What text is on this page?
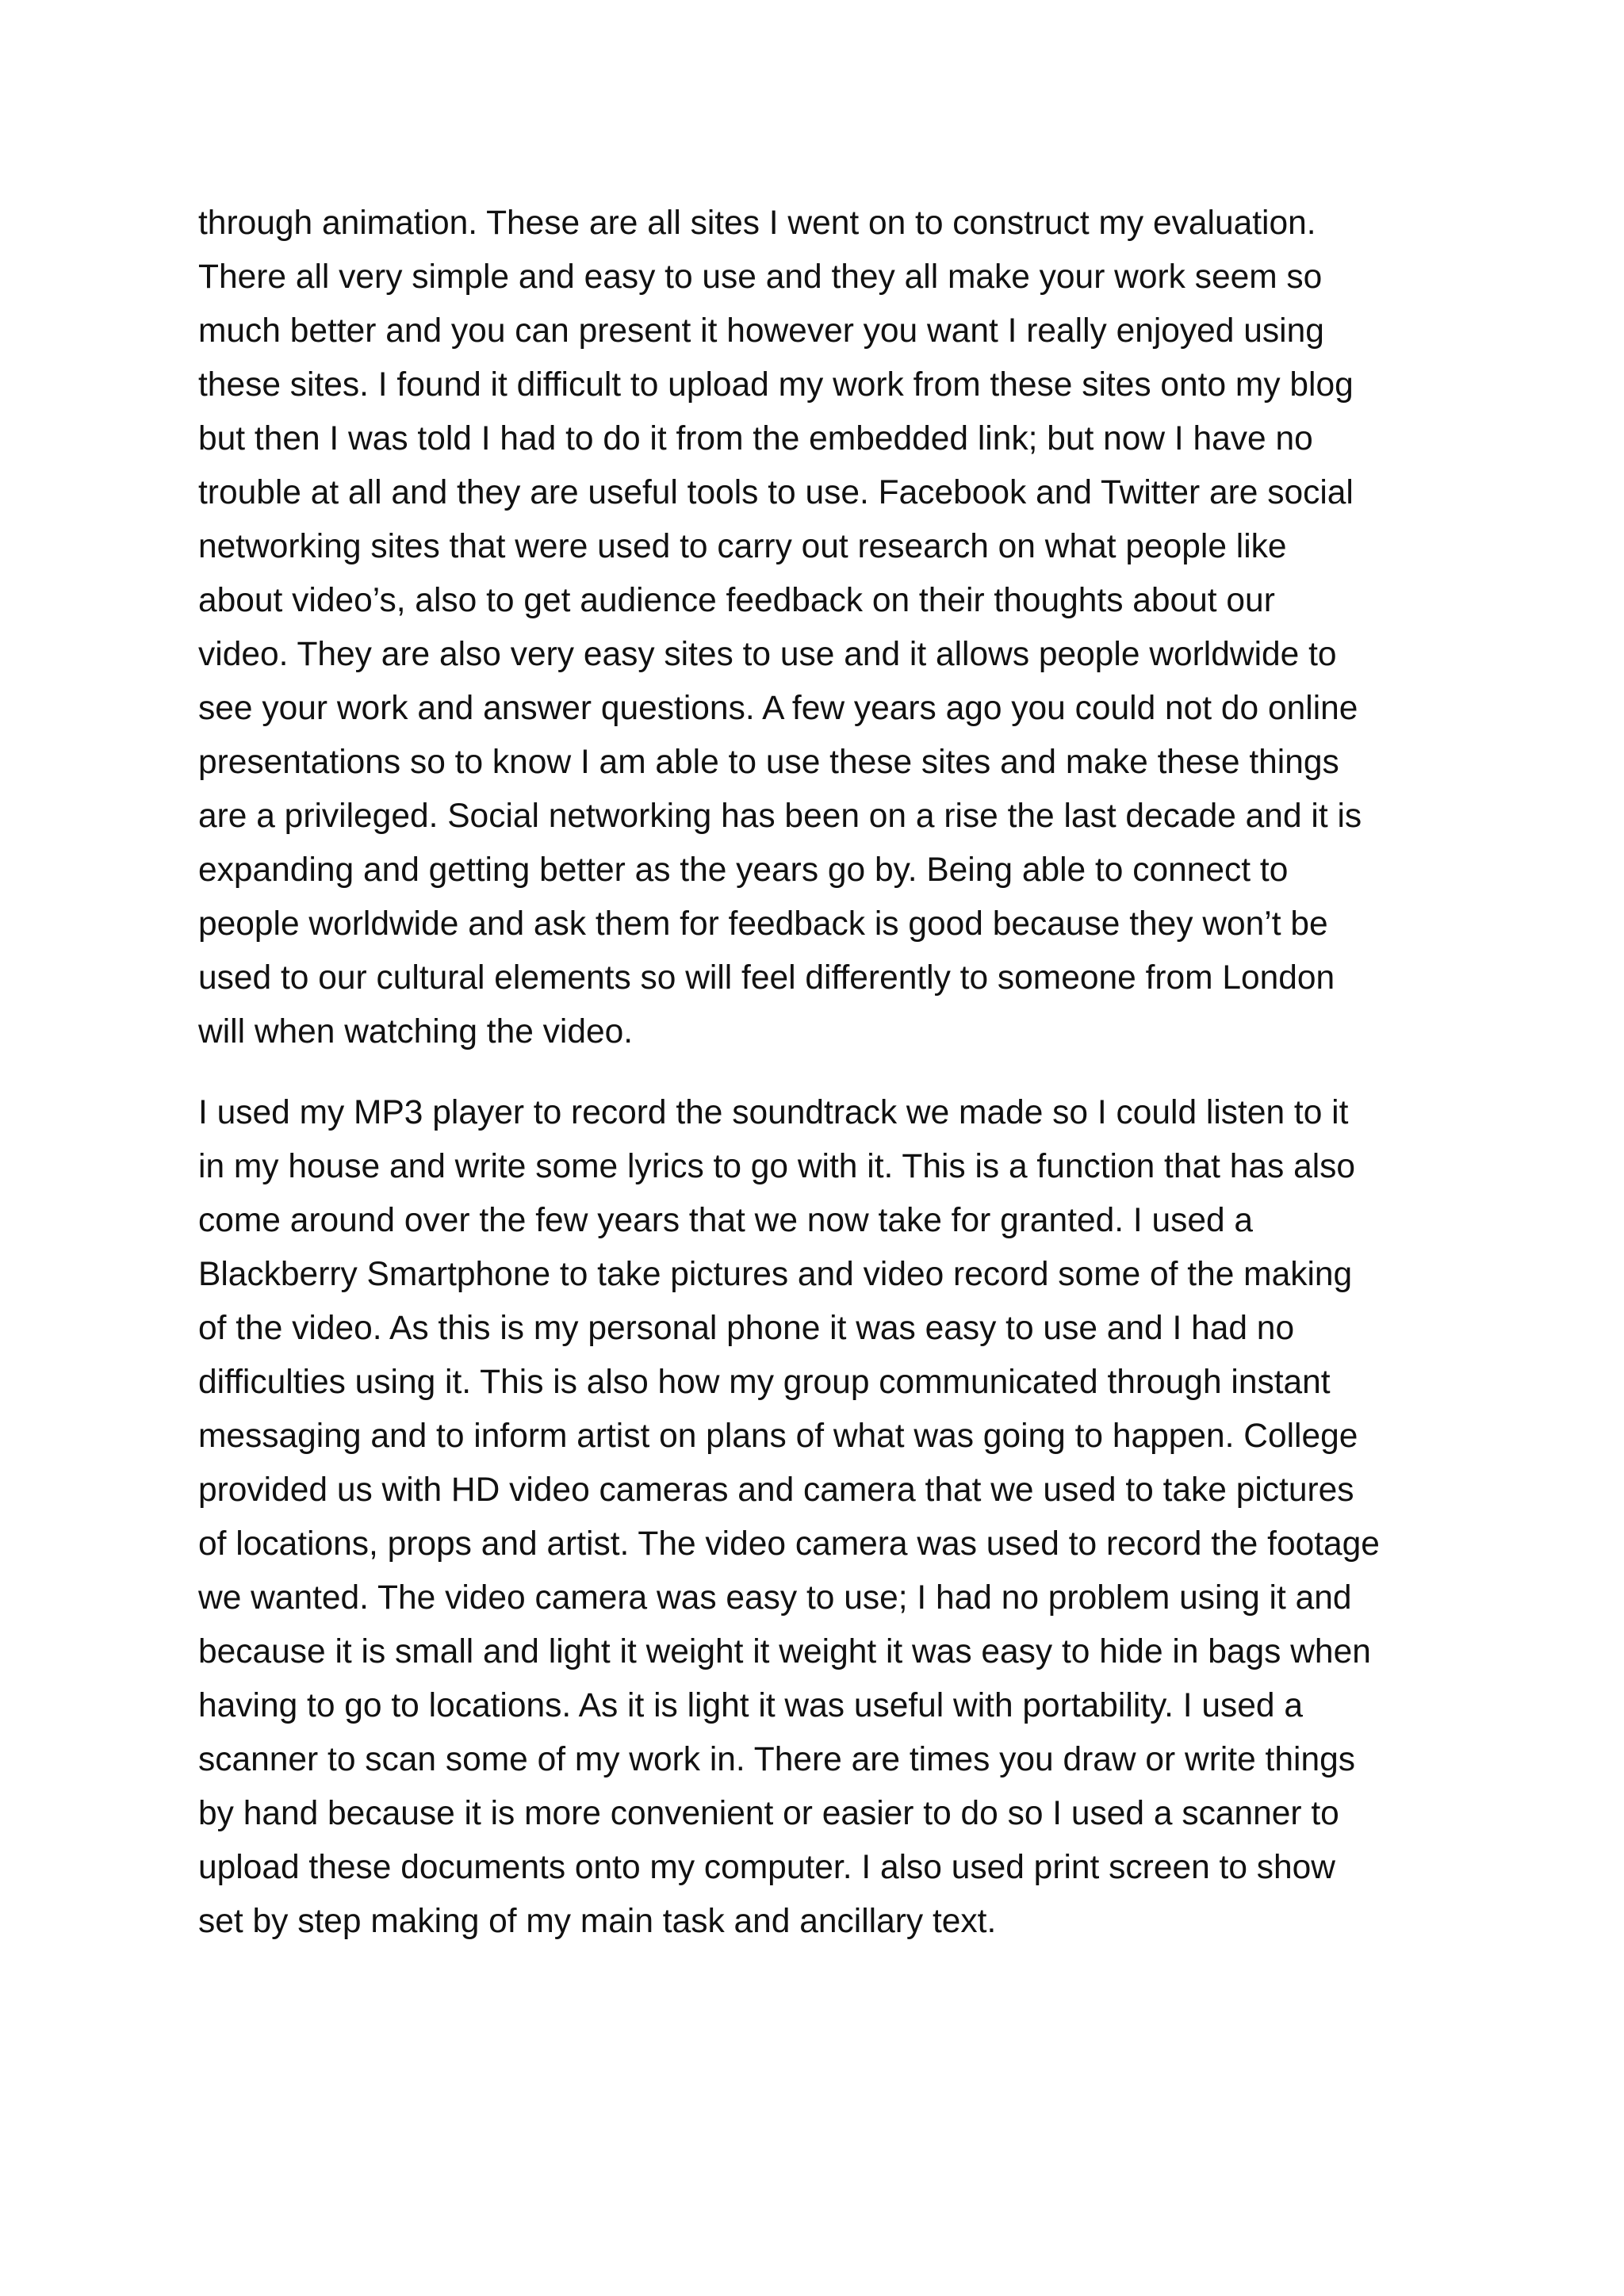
through animation. These are all sites I went on to construct my evaluation.
There all very simple and easy to use and they all make your work seem so
much better and you can present it however you want I really enjoyed using
these sites. I found it difficult to upload my work from these sites onto my blog
but then I was told I had to do it from the embedded link; but now I have no
trouble at all and they are useful tools to use. Facebook and Twitter are social
networking sites that were used to carry out research on what people like
about video’s, also to get audience feedback on their thoughts about our
video. They are also very easy sites to use and it allows people worldwide to
see your work and answer questions. A few years ago you could not do online
presentations so to know I am able to use these sites and make these things
are a privileged. Social networking has been on a rise the last decade and it is
expanding and getting better as the years go by. Being able to connect to
people worldwide and ask them for feedback is good because they won’t be
used to our cultural elements so will feel differently to someone from London
will when watching the video.

I used my MP3 player to record the soundtrack we made so I could listen to it
in my house and write some lyrics to go with it. This is a function that has also
come around over the few years that we now take for granted. I used a
Blackberry Smartphone to take pictures and video record some of the making
of the video. As this is my personal phone it was easy to use and I had no
difficulties using it. This is also how my group communicated through instant
messaging and to inform artist on plans of what was going to happen. College
provided us with HD video cameras and camera that we used to take pictures
of locations, props and artist. The video camera was used to record the footage
we wanted. The video camera was easy to use; I had no problem using it and
because it is small and light it weight it weight it was easy to hide in bags when
having to go to locations. As it is light it was useful with portability. I used a
scanner to scan some of my work in. There are times you draw or write things
by hand because it is more convenient or easier to do so I used a scanner to
upload these documents onto my computer. I also used print screen to show
set by step making of my main task and ancillary text.
